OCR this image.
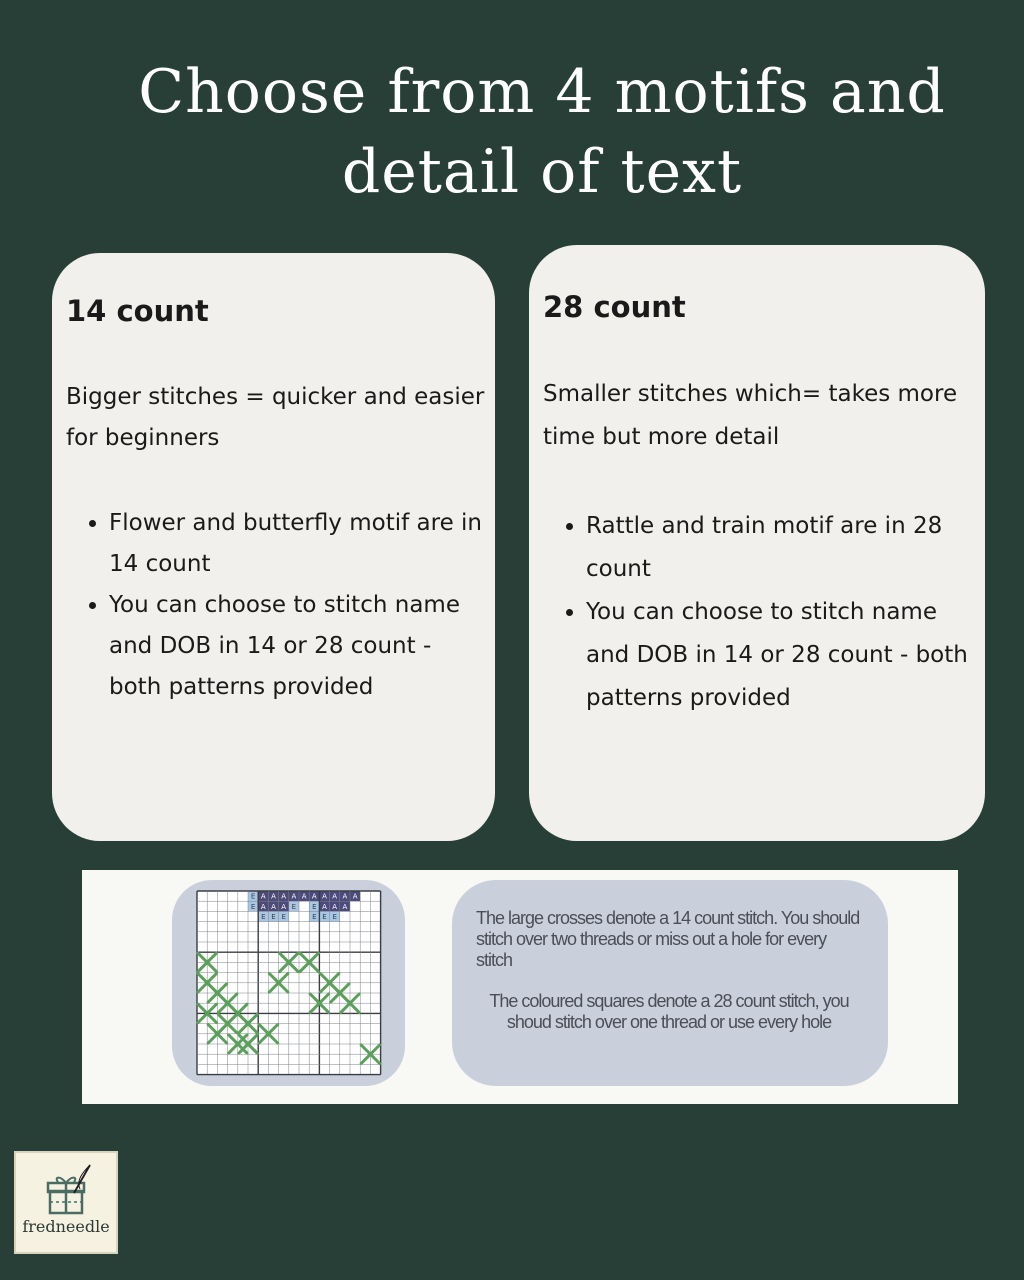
Choose from 4 motifs and detail of text
14 count

Bigger stitches = quicker and easier for beginners

• Flower and butterfly motif are in 14 count
• You can choose to stitch name and DOB in 14 or 28 count - both patterns provided
28 count

Smaller stitches which= takes more time but more detail

• Rattle and train motif are in 28 count
• You can choose to stitch name and DOB in 14 or 28 count - both patterns provided
E A A A A A A A A A A
E A A A E E A A A
E E E	E E E	The large crosses denote a 14 count stitch. You should stitch over two threads or miss out a hole for every stitch

The coloured squares denote a 28 count stitch, you shoud stitch over one thread or use every hole

fredneedle
